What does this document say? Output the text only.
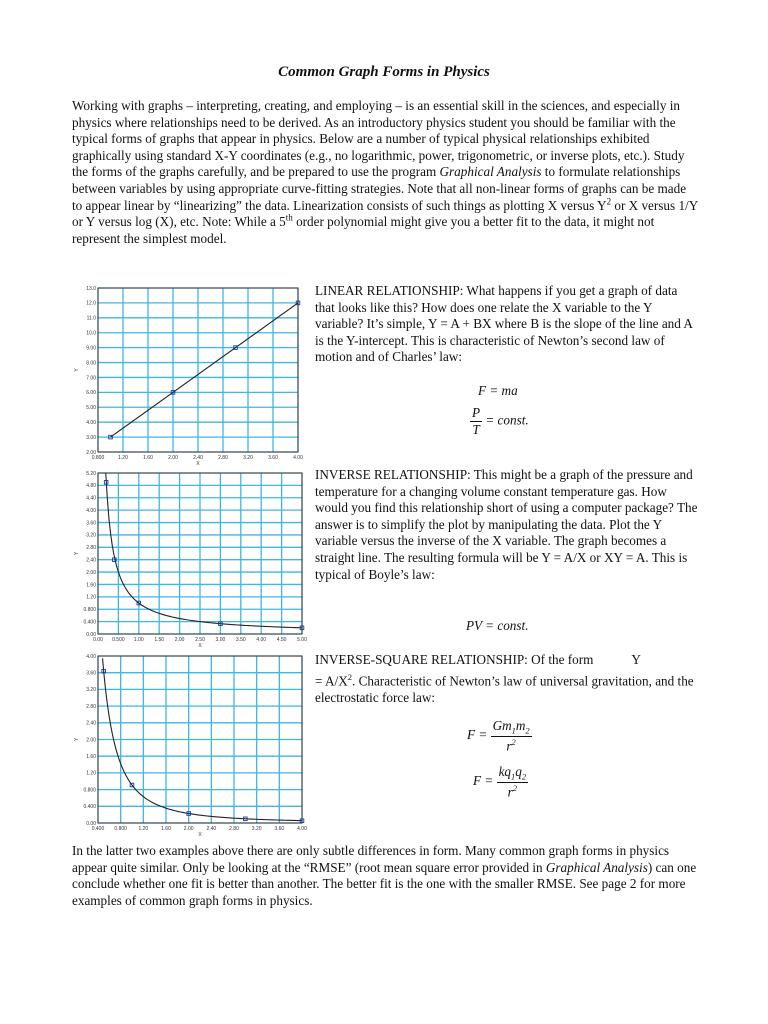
Common Graph Forms in Physics

Working with graphs – interpreting, creating, and employing – is an essential skill in the sciences, and especially in physics where relationships need to be derived. As an introductory physics student you should be familiar with the typical forms of graphs that appear in physics. Below are a number of typical physical relationships exhibited graphically using standard X-Y coordinates (e.g., no logarithmic, power, trigonometric, or inverse plots, etc.). Study the forms of the graphs carefully, and be prepared to use the program Graphical Analysis to formulate relationships between variables by using appropriate curve-fitting strategies. Note that all non-linear forms of graphs can be made to appear linear by “linearizing” the data. Linearization consists of such things as plotting X versus $Y^2$ or X versus 1/Y or Y versus log (X), etc. Note: While a 5th order polynomial might give you a better fit to the data, it might not represent the simplest model.

0.800	1.20	1.60	2.00	2.40	2.80	3.20	3.60	4.00
2.00
3.00
4.00
5.00
6.00
7.00
8.00
9.00
10.0
11.0
12.0
13.0
X
Y
0.00 0.500 1.00 1.50 2.00 2.50 3.00 3.50 4.00 4.50 5.00
0.00
0.400
0.800
1.20
1.60
2.00
2.40
2.80
3.20
3.60
4.00
4.40
4.80
5.20
X
Y
0.400 0.800 1.20	1.60	2.00	2.40	2.80	3.20	3.60	4.00
0.00
0.400
0.800
1.20
1.60
2.00
2.40
2.80
3.20
3.60
4.00
X
Y

LINEAR RELATIONSHIP: What happens if you get a graph of data that looks like this? How does one relate the X variable to the Y variable? It’s simple, Y = A + BX where B is the slope of the line and A is the Y-intercept. This is characteristic of Newton’s second law of motion and of Charles’ law:

F = ma
$\frac{P}{T}$ = const.

INVERSE RELATIONSHIP: This might be a graph of the pressure and temperature for a changing volume constant temperature gas. How would you find this relationship short of using a computer package? The answer is to simplify the plot by manipulating the data. Plot the Y variable versus the inverse of the X variable. The graph becomes a straight line. The resulting formula will be Y = A/X or XY = A. This is typical of Boyle’s law:

PV = const.

INVERSE-SQUARE RELATIONSHIP: Of the form	Y
= $A/X^2$. Characteristic of Newton’s law of universal gravitation, and the electrostatic force law:

$F = \frac{Gm_1m_2}{r^2}$
$F = \frac{kq_1q_2}{r^2}$

In the latter two examples above there are only subtle differences in form. Many common graph forms in physics appear quite similar. Only be looking at the “RMSE” (root mean square error provided in Graphical Analysis) can one conclude whether one fit is better than another. The better fit is the one with the smaller RMSE. See page 2 for more examples of common graph forms in physics.
